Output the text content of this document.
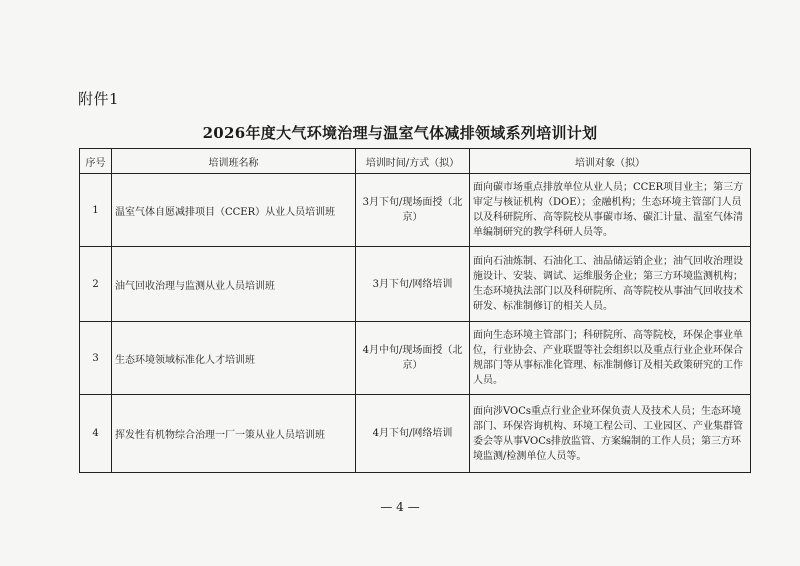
附件1
2026年度大气环境治理与温室气体减排领域系列培训计划
序号	培训班名称	培训时间/方式（拟）	培训对象（拟）
1	温室气体自愿减排项目（CCER）从业人员培训班	3月下旬/现场面授（北京）	面向碳市场重点排放单位从业人员；CCER项目业主；第三方审定与核证机构（DOE）；金融机构；生态环境主管部门人员以及科研院所、高等院校从事碳市场、碳汇计量、温室气体清单编制研究的教学科研人员等。
2	油气回收治理与监测从业人员培训班	3月下旬/网络培训	面向石油炼制、石油化工、油品储运销企业；油气回收治理设施设计、安装、调试、运维服务企业；第三方环境监测机构；生态环境执法部门以及科研院所、高等院校从事油气回收技术研发、标准制修订的相关人员。
3	生态环境领域标准化人才培训班	4月中旬/现场面授（北京）	面向生态环境主管部门；科研院所、高等院校，环保企事业单位，行业协会、产业联盟等社会组织以及重点行业企业环保合规部门等从事标准化管理、标准制修订及相关政策研究的工作人员。
4	挥发性有机物综合治理一厂一策从业人员培训班	4月下旬/网络培训	面向涉VOCs重点行业企业环保负责人及技术人员；生态环境部门、环保咨询机构、环境工程公司、工业园区、产业集群管委会等从事VOCs排放监管、方案编制的工作人员；第三方环境监测/检测单位人员等。
— 4 —
